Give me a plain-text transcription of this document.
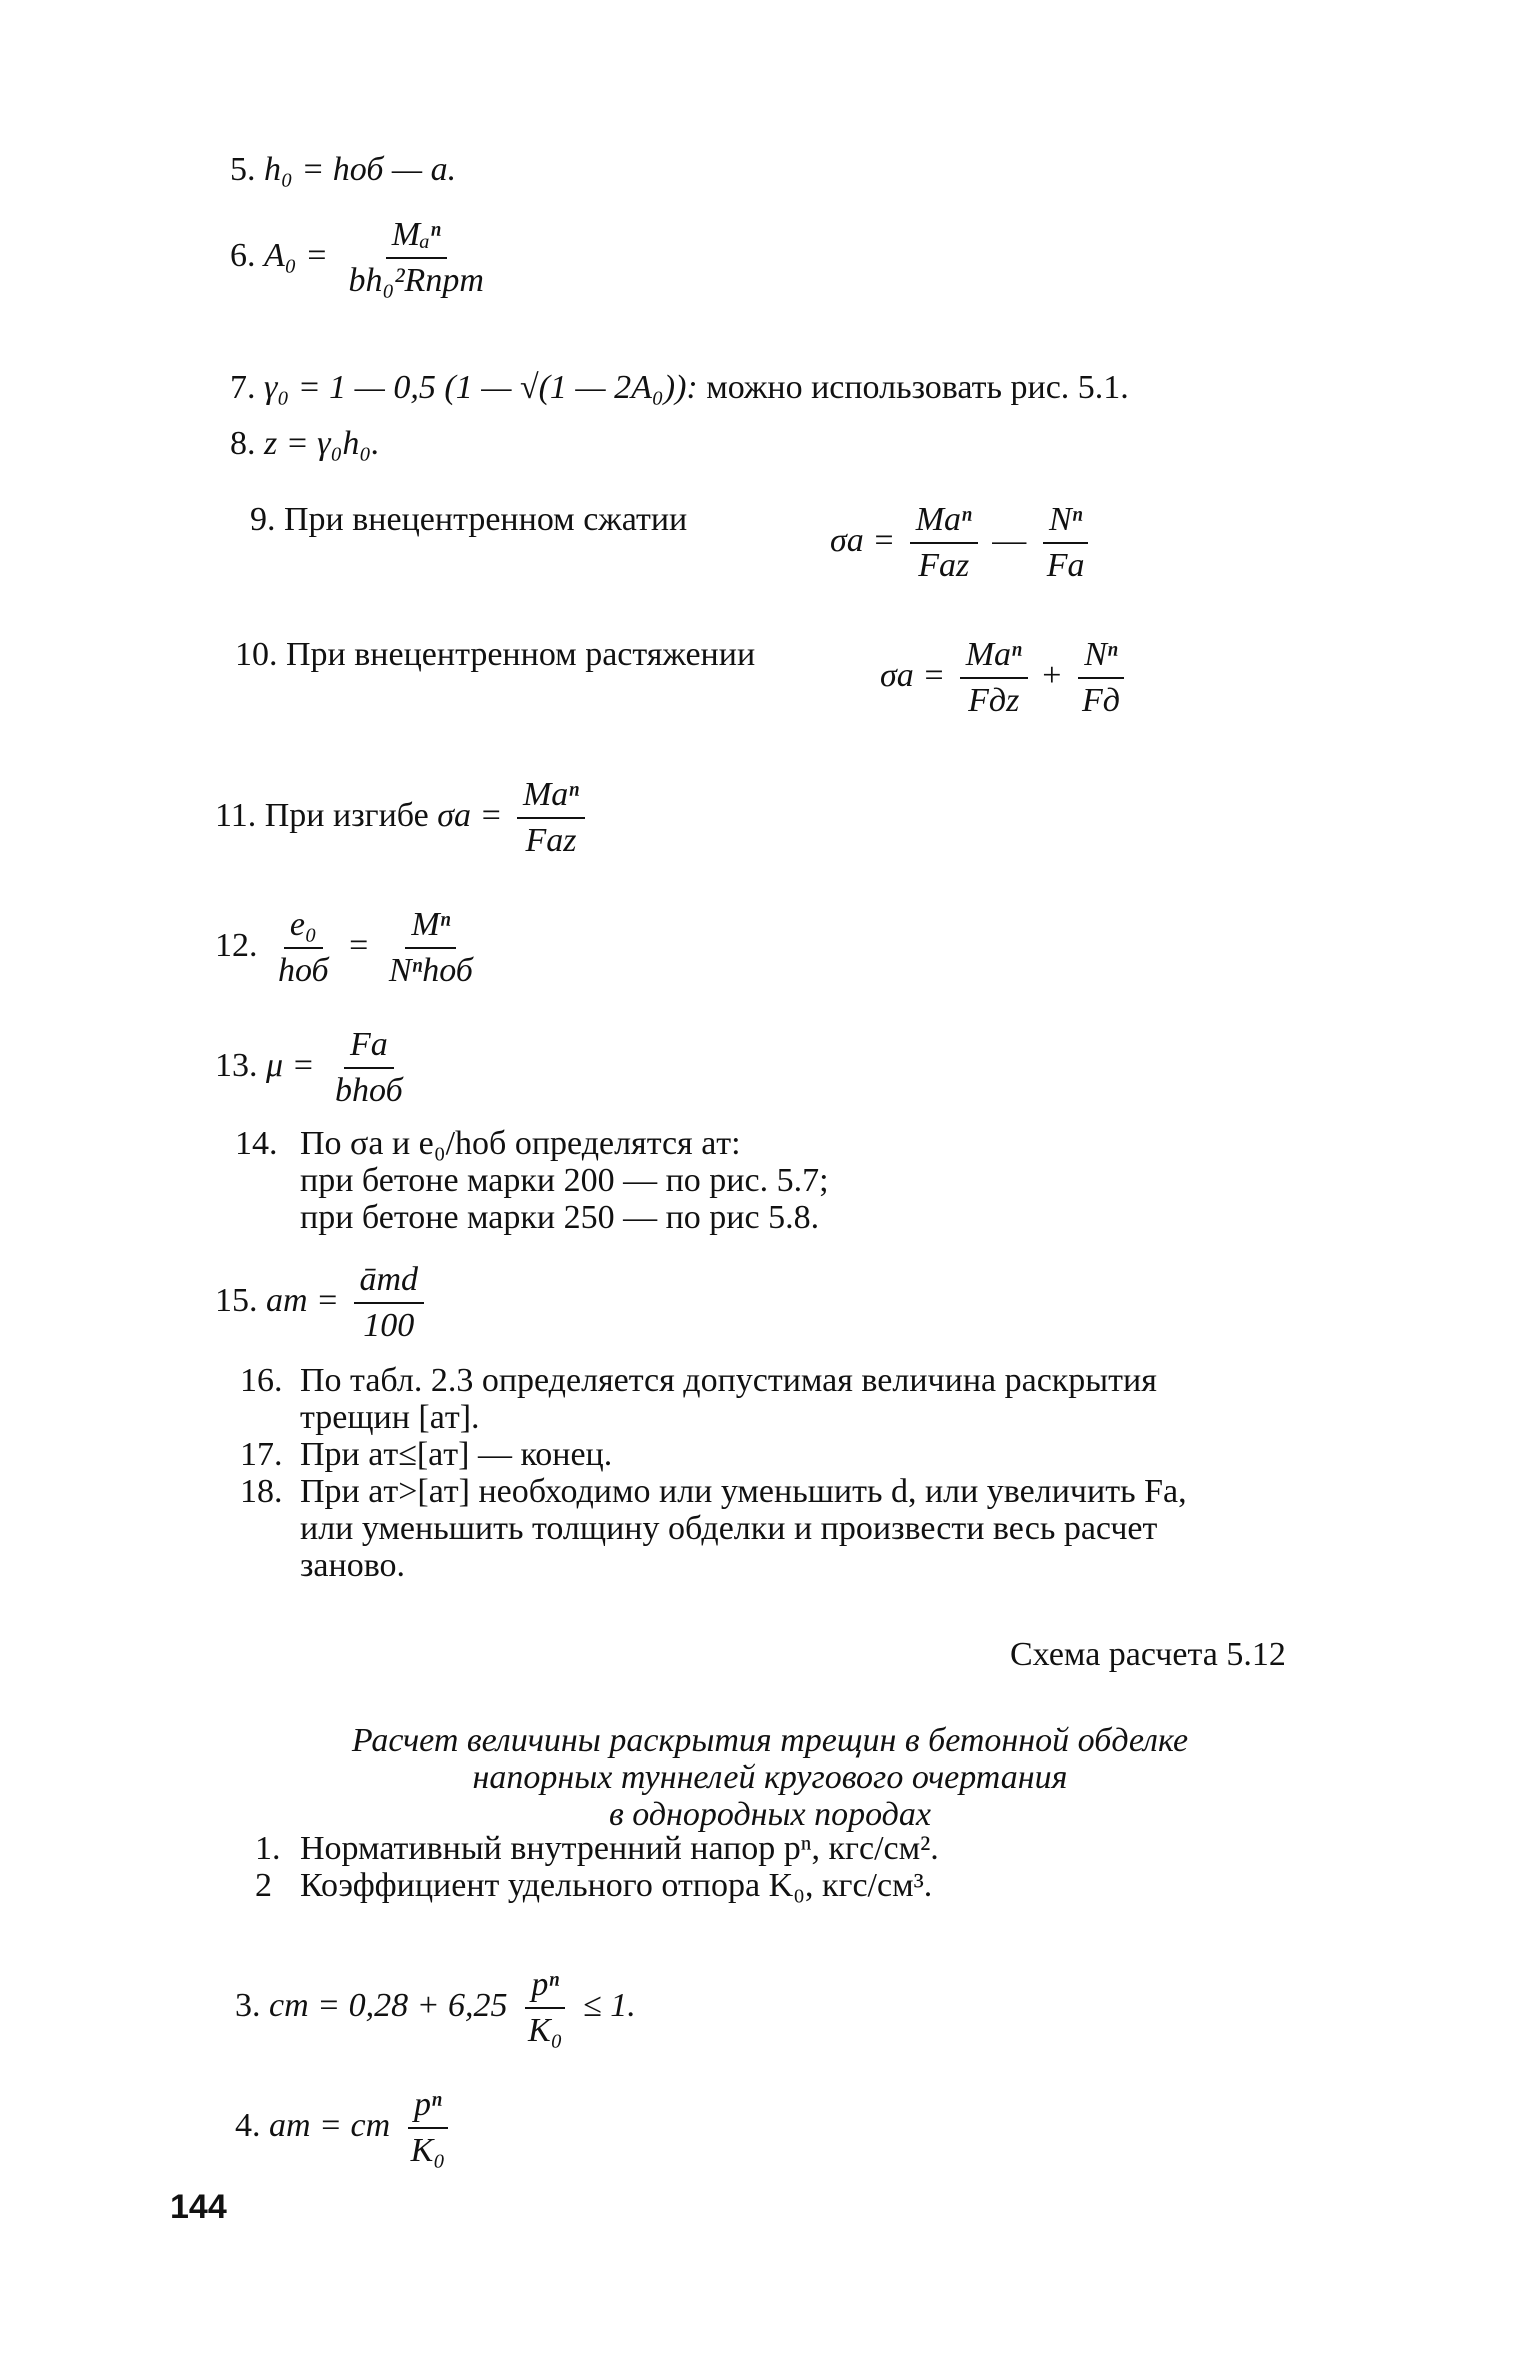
5. h₀ = hоб — a.
6. $A_0 = \frac{\text{Mₐⁿ}}{\text{bh₀²Rпрm}}$
7. γ₀ = 1 — 0,5 (1 — √(1 — 2A₀)): можно использовать рис. 5.1.
8. z = γ₀h₀.
9. При внецентренном сжатии
$\sigma a = \frac{\text{Maⁿ}}{\text{Faz}}$ — $\frac{\text{Nⁿ}}{Fa}$
10. При внецентренном растяжении
$\sigma a = \frac{\text{Maⁿ}}{\text{Fдz}} + \frac{\text{Nⁿ}}{Fд}$
11. При изгибе $\sigma a = \frac{\text{Maⁿ}}{\text{Faz}}$
12. $\frac{\text{e₀}}{\text{hоб}} = \frac{\text{Mⁿ}}{\text{Nⁿhоб}}$
13. $\mu = \frac{Fa}{\text{bhоб}}$
14. По σa и e₀/hоб определятся aт:
при бетоне марки 200 — по рис. 5.7;
при бетоне марки 250 — по рис 5.8.
15. aт = $\frac{\text{āтd}}{100}$
16. По табл. 2.3 определяется допустимая величина раскрытия
трещин [aт].
17. При aт≤[aт] — конец.
18. При aт>[aт] необходимо или уменьшить d, или увеличить Fa,
или уменьшить толщину обделки и произвести весь расчет
заново.
Схема расчета 5.12
Расчет величины раскрытия трещин в бетонной обделке
напорных туннелей кругового очертания
в однородных породах
1. Нормативный внутренний напор pⁿ, кгс/см².
2 Коэффициент удельного отпора K₀, кгс/см³.
3. cт = $0,28 + 6,25 \frac{\text{pⁿ}}{\text{K₀}} \le 1$.
4. aт = cт $\frac{\text{pⁿ}}{\text{K₀}}$
144
